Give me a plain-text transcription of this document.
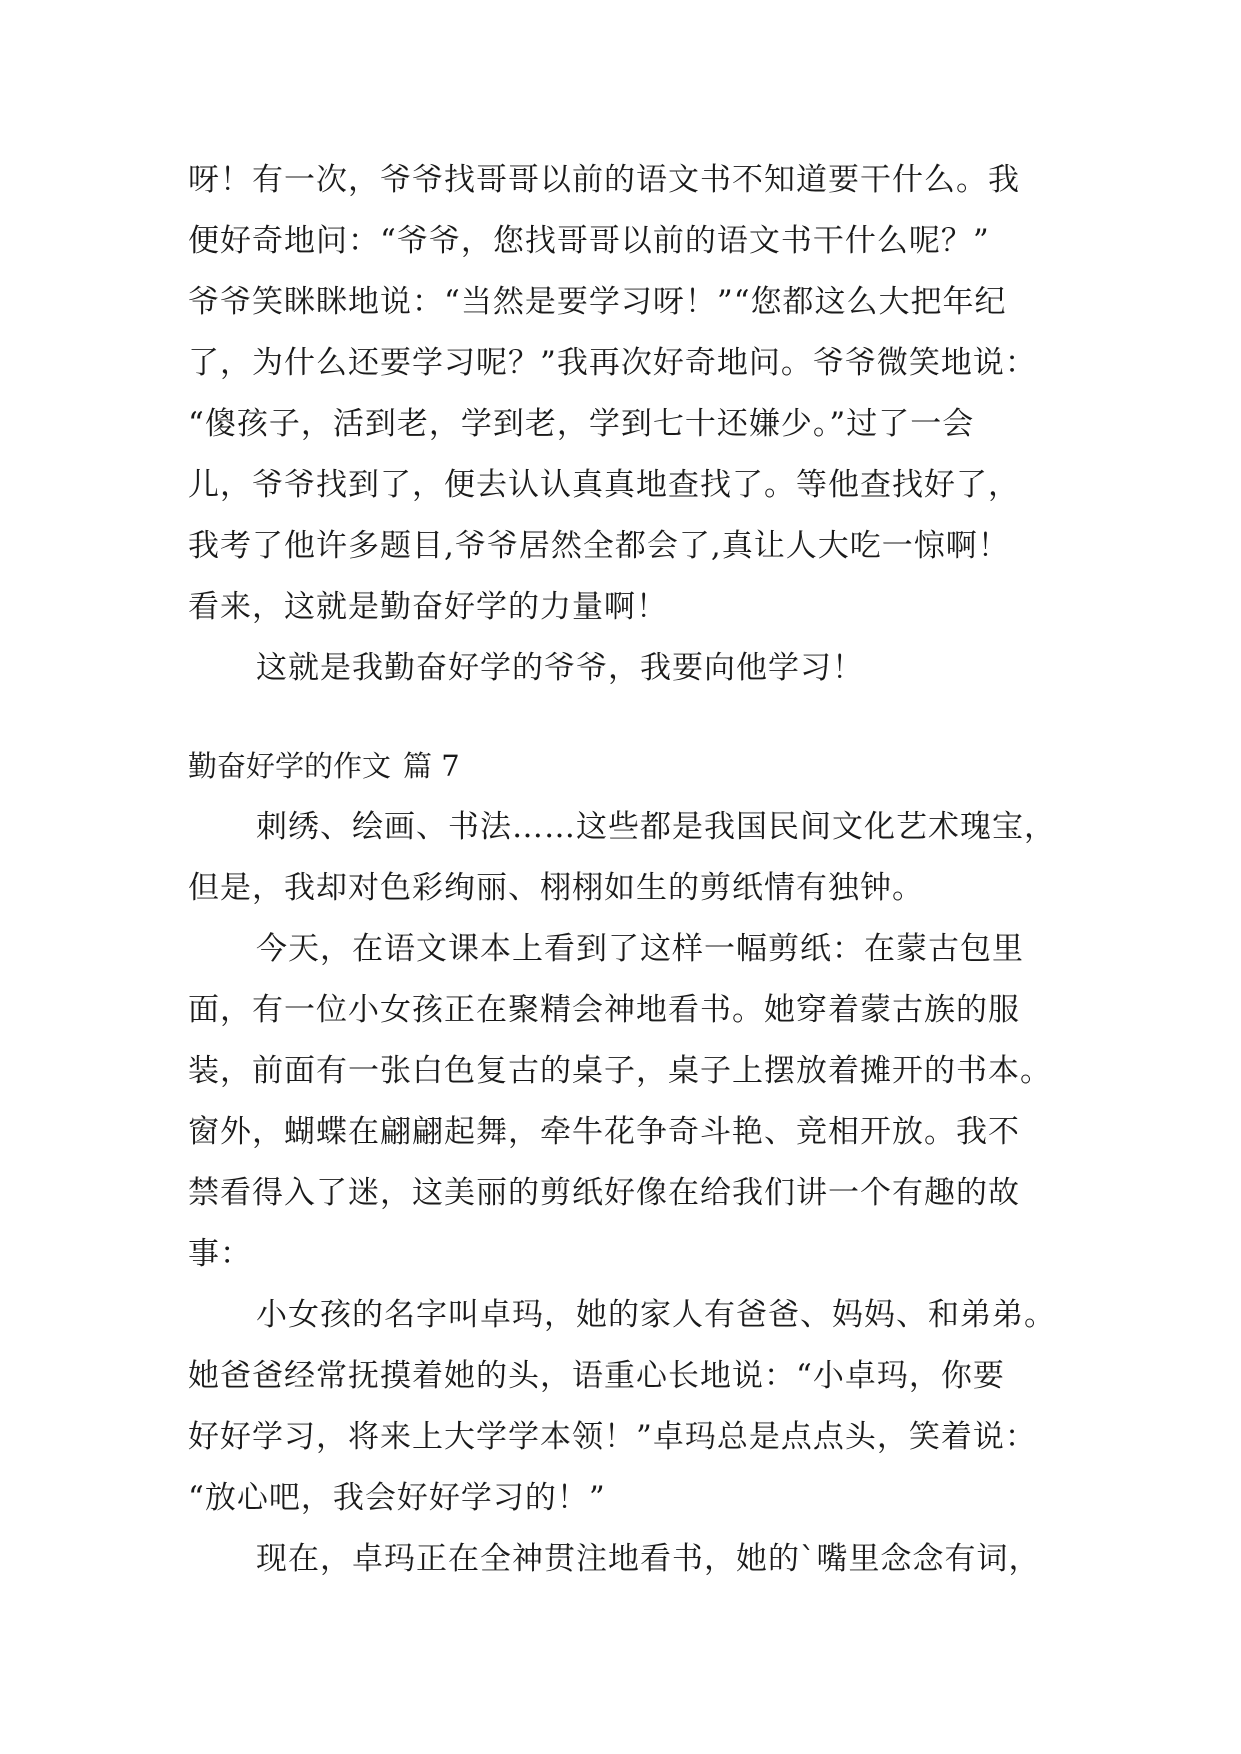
呀！有一次，爷爷找哥哥以前的语文书不知道要干什么。我
便好奇地问：“爷爷，您找哥哥以前的语文书干什么呢？”
爷爷笑眯眯地说：“当然是要学习呀！”“您都这么大把年纪
了，为什么还要学习呢？”我再次好奇地问。爷爷微笑地说：
“傻孩子，活到老，学到老，学到七十还嫌少。”过了一会
儿，爷爷找到了，便去认认真真地查找了。等他查找好了，
我考了他许多题目,爷爷居然全都会了,真让人大吃一惊啊！
看来，这就是勤奋好学的力量啊！
这就是我勤奋好学的爷爷，我要向他学习！
勤奋好学的作文 篇 7
刺绣、绘画、书法……这些都是我国民间文化艺术瑰宝，
但是，我却对色彩绚丽、栩栩如生的剪纸情有独钟。
今天，在语文课本上看到了这样一幅剪纸：在蒙古包里
面，有一位小女孩正在聚精会神地看书。她穿着蒙古族的服
装，前面有一张白色复古的桌子，桌子上摆放着摊开的书本。
窗外，蝴蝶在翩翩起舞，牵牛花争奇斗艳、竞相开放。我不
禁看得入了迷，这美丽的剪纸好像在给我们讲一个有趣的故
事：
小女孩的名字叫卓玛，她的家人有爸爸、妈妈、和弟弟。
她爸爸经常抚摸着她的头，语重心长地说：“小卓玛，你要
好好学习，将来上大学学本领！”卓玛总是点点头，笑着说：
“放心吧，我会好好学习的！”
现在，卓玛正在全神贯注地看书，她的`嘴里念念有词，
